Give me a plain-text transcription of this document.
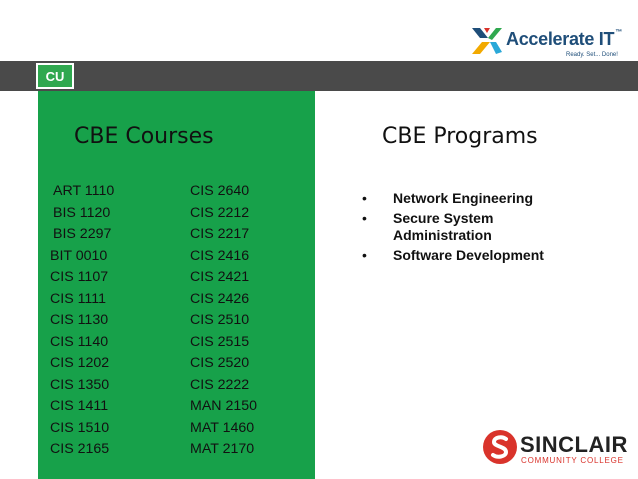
Accelerate IT™
Ready. Set... Done!
CU
CBE Courses
ART 1110
BIS 1120
BIS 2297
BIT 0010
CIS 1107
CIS 1111
CIS 1130
CIS 1140
CIS 1202
CIS 1350
CIS 1411
CIS 1510
CIS 2165
CIS 2640
CIS 2212
CIS 2217
CIS 2416
CIS 2421
CIS 2426
CIS 2510
CIS 2515
CIS 2520
CIS 2222
MAN 2150
MAT 1460
MAT 2170
CBE Programs
• Network Engineering
• Secure System Administration
• Software Development
SINCLAIR
COMMUNITY COLLEGE
